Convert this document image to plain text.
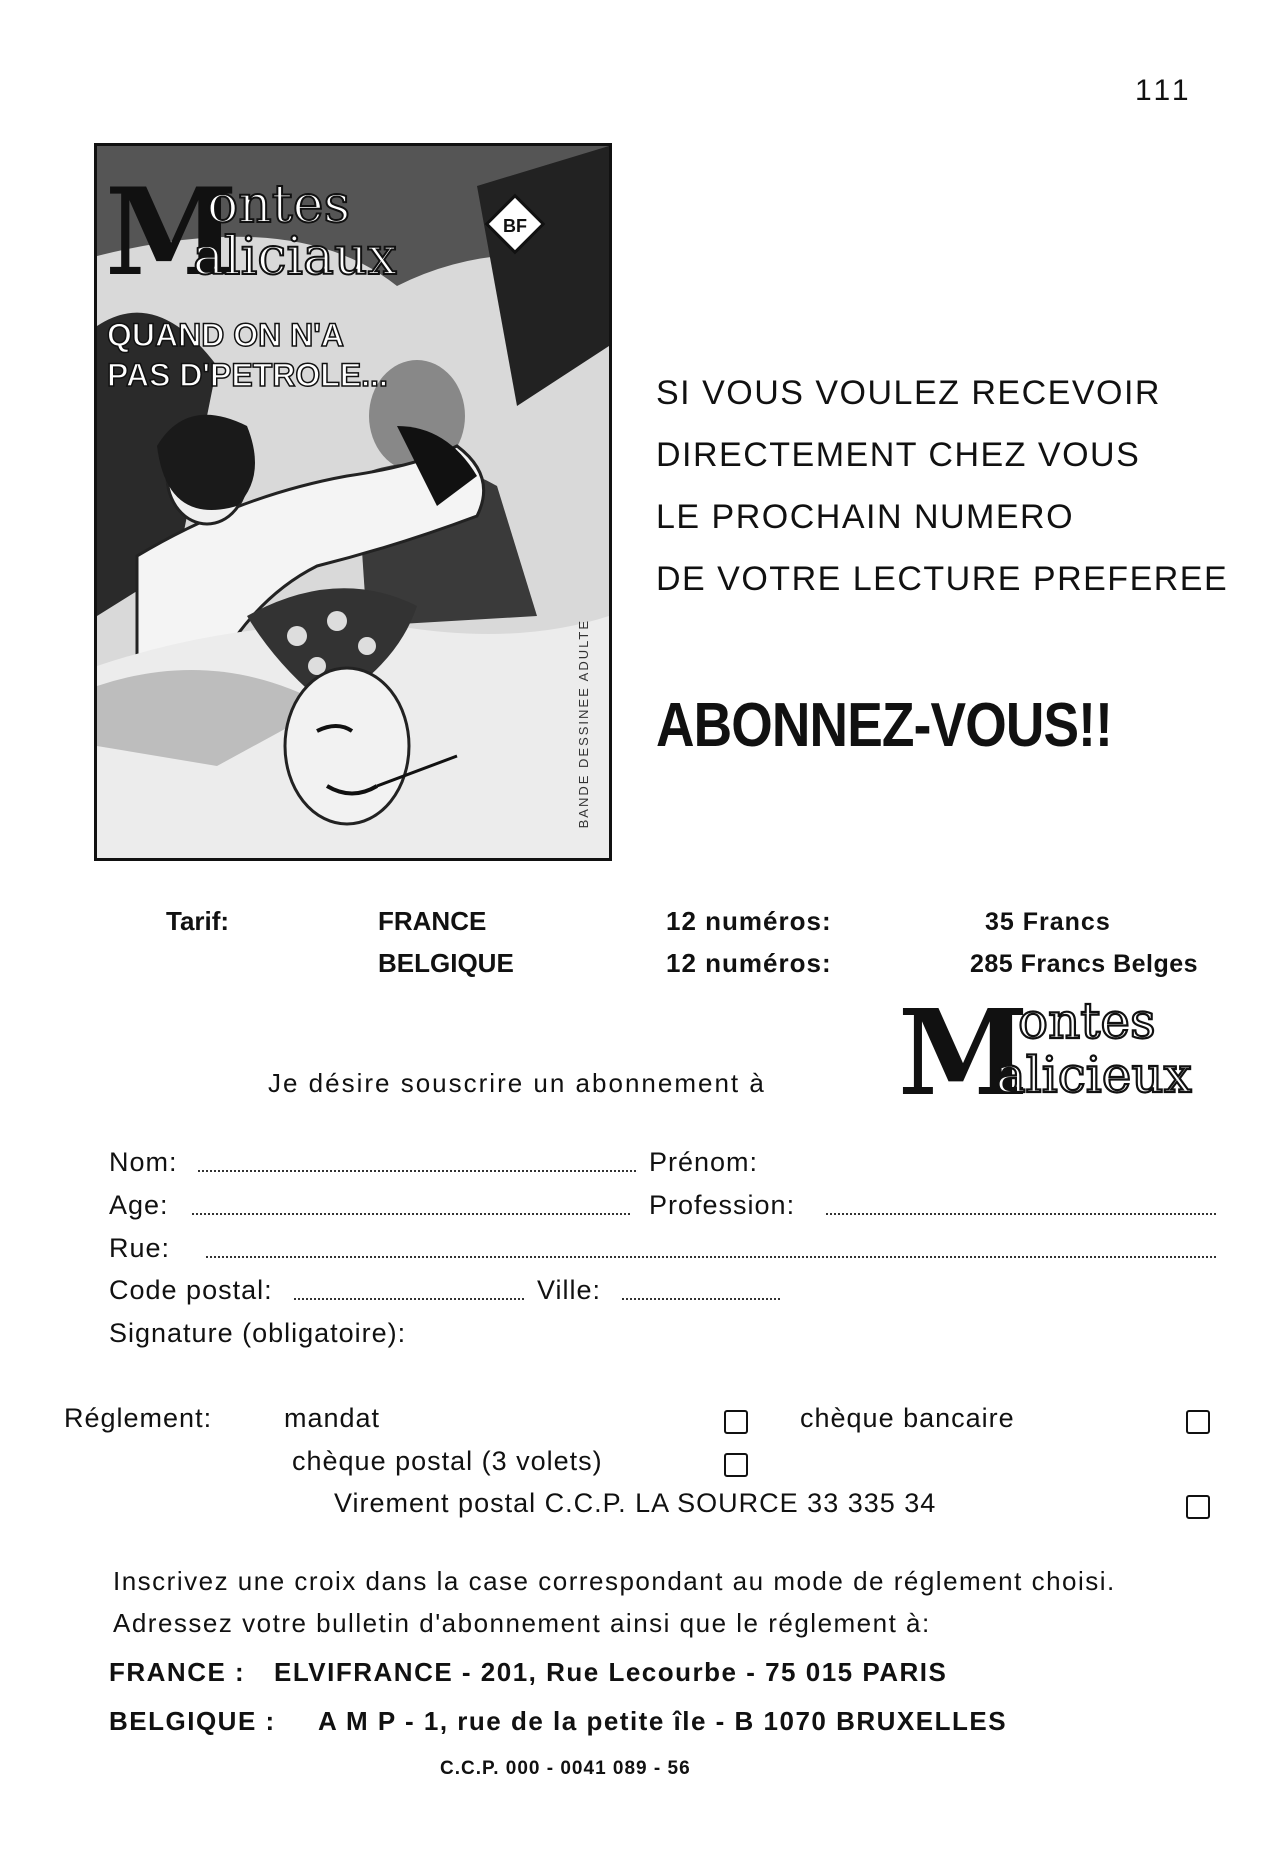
111
M
ontes
aliciaux
BF
QUAND ON N'A
PAS D'PETROLE...
BANDE DESSINEE ADULTE
SI VOUS VOULEZ RECEVOIR
DIRECTEMENT CHEZ VOUS
LE PROCHAIN NUMERO
DE VOTRE LECTURE PREFEREE
ABONNEZ-VOUS!!
Tarif:	FRANCE	12 numéros:	35 Francs
BELGIQUE	12 numéros:	285 Francs Belges
M
ontes
alicieux
Je désire souscrire un abonnement à
Nom:	Prénom:
Age:	Profession:
Rue:
Code postal:	Ville:
Signature (obligatoire):
Réglement:	mandat	chèque bancaire
chèque postal (3 volets)
Virement postal C.C.P. LA SOURCE 33 335 34
Inscrivez une croix dans la case correspondant au mode de réglement choisi.
Adressez votre bulletin d'abonnement ainsi que le réglement à:
FRANCE : ELVIFRANCE - 201, Rue Lecourbe - 75 015 PARIS
BELGIQUE : A M P - 1, rue de la petite île - B 1070 BRUXELLES
C.C.P. 000 - 0041 089 - 56
